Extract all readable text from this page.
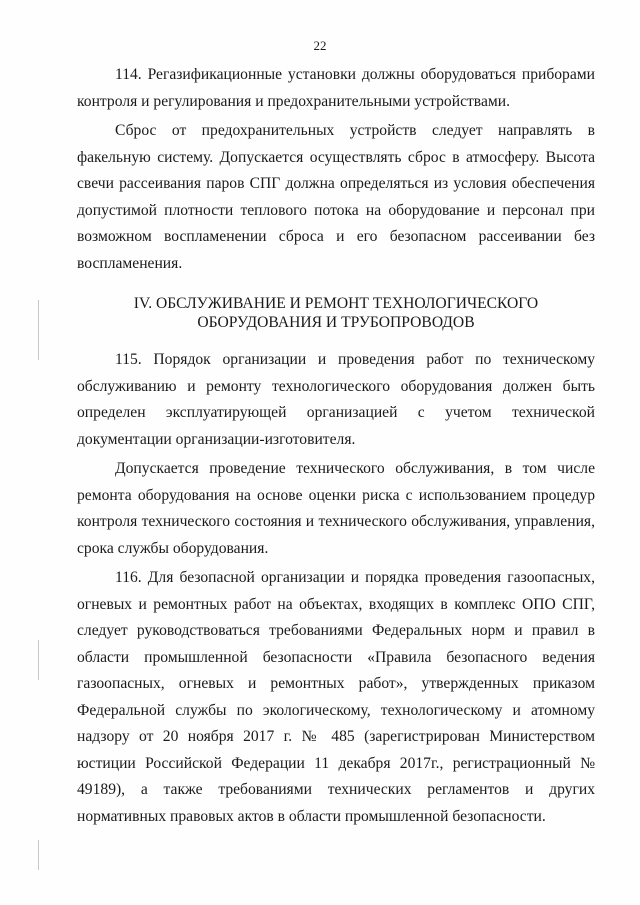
22

114. Регазификационные установки должны оборудоваться приборами контроля и регулирования и предохранительными устройствами.

Сброс от предохранительных устройств следует направлять в факельную систему. Допускается осуществлять сброс в атмосферу. Высота свечи рассеивания паров СПГ должна определяться из условия обеспечения допустимой плотности теплового потока на оборудование и персонал при возможном воспламенении сброса и его безопасном рассеивании без воспламенения.

IV. ОБСЛУЖИВАНИЕ И РЕМОНТ ТЕХНОЛОГИЧЕСКОГО
ОБОРУДОВАНИЯ И ТРУБОПРОВОДОВ

115. Порядок организации и проведения работ по техническому обслуживанию и ремонту технологического оборудования должен быть определен эксплуатирующей организацией с учетом технической документации организации-изготовителя.

Допускается проведение технического обслуживания, в том числе ремонта оборудования на основе оценки риска с использованием процедур контроля технического состояния и технического обслуживания, управления, срока службы оборудования.

116. Для безопасной организации и порядка проведения газоопасных, огневых и ремонтных работ на объектах, входящих в комплекс ОПО СПГ, следует руководствоваться требованиями Федеральных норм и правил в области промышленной безопасности «Правила безопасного ведения газоопасных, огневых и ремонтных работ», утвержденных приказом Федеральной службы по экологическому, технологическому и атомному надзору от 20 ноября 2017 г. № 485 (зарегистрирован Министерством юстиции Российской Федерации 11 декабря 2017г., регистрационный № 49189), а также требованиями технических регламентов и других нормативных правовых актов в области промышленной безопасности.
